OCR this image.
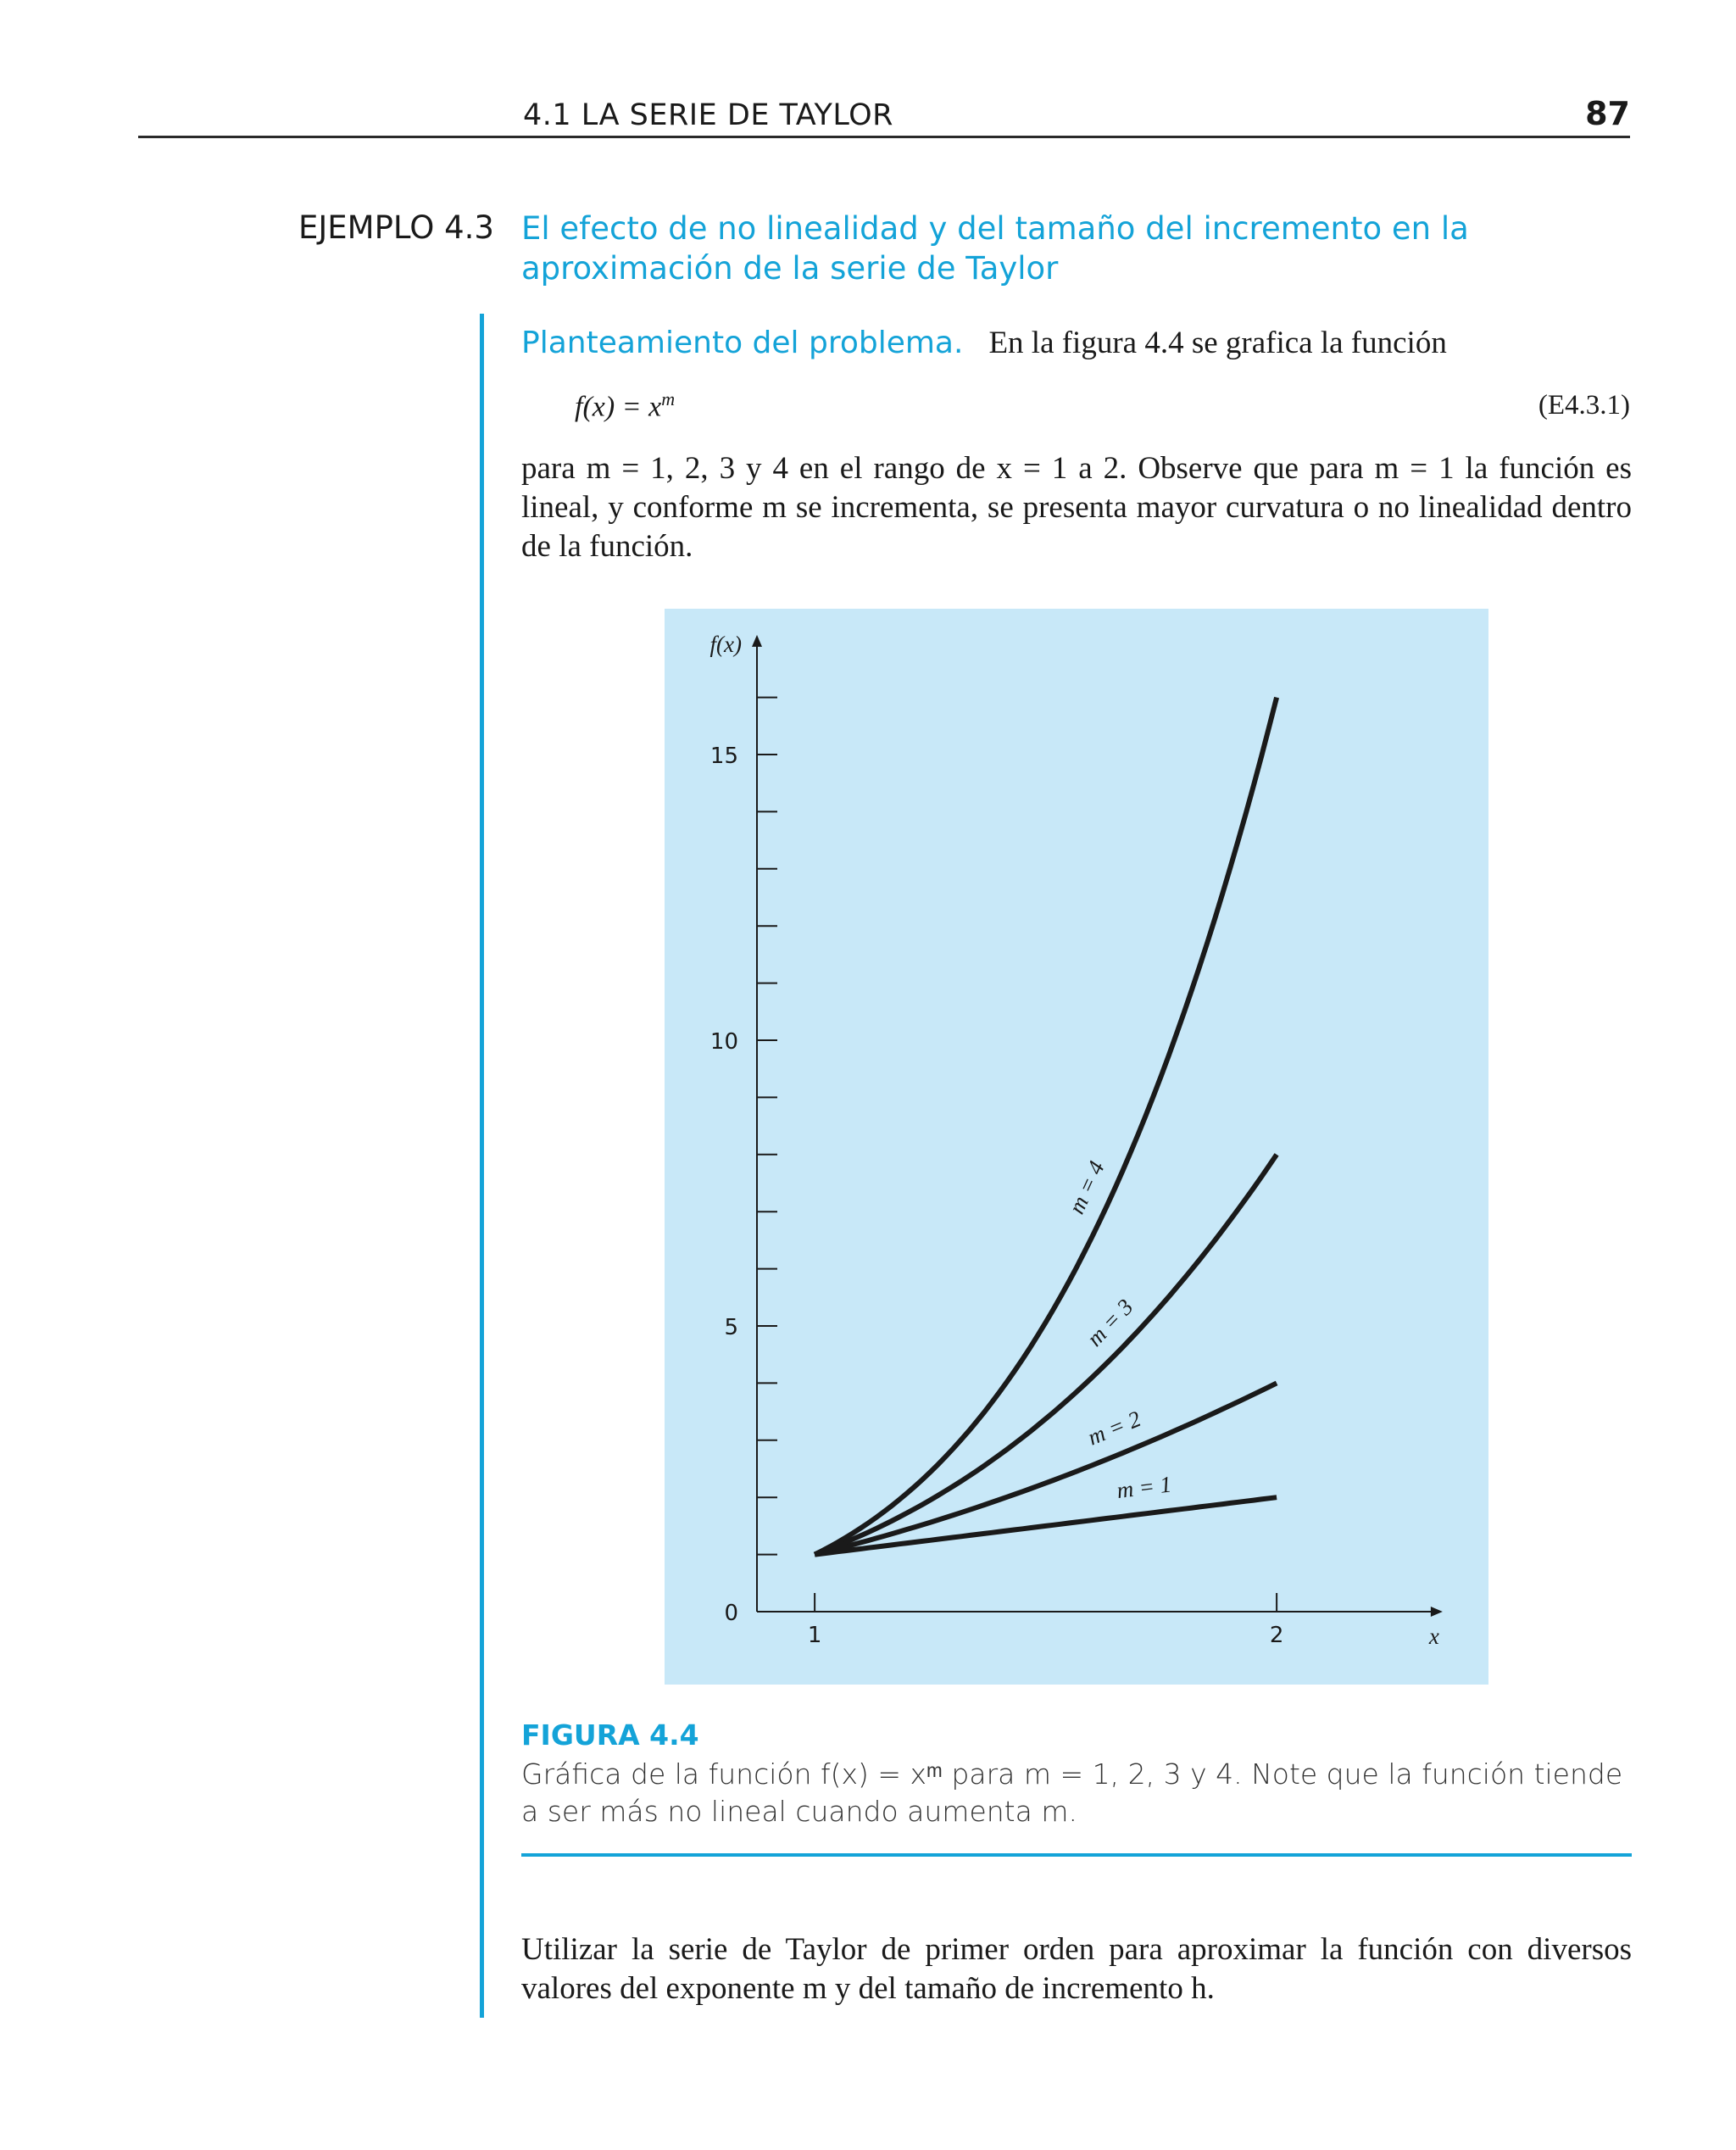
4.1 LA SERIE DE TAYLOR	87
EJEMPLO 4.3 El efecto de no linealidad y del tamaño del incremento en la aproximación de la serie de Taylor
Planteamiento del problema. En la figura 4.4 se grafica la función
$f(x) = x^m$	(E4.3.1)
para m = 1, 2, 3 y 4 en el rango de x = 1 a 2. Observe que para m = 1 la función es lineal, y conforme m se incrementa, se presenta mayor curvatura o no linealidad dentro de la función.
0
5
10
15
1	2	x
f(x)
m = 1
m = 2
m = 3
m = 4
FIGURA 4.4
Gráfica de la función f(x) = xᵐ para m = 1, 2, 3 y 4. Note que la función tiende a ser más no lineal cuando aumenta m.
Utilizar la serie de Taylor de primer orden para aproximar la función con diversos valores del exponente m y del tamaño de incremento h.
